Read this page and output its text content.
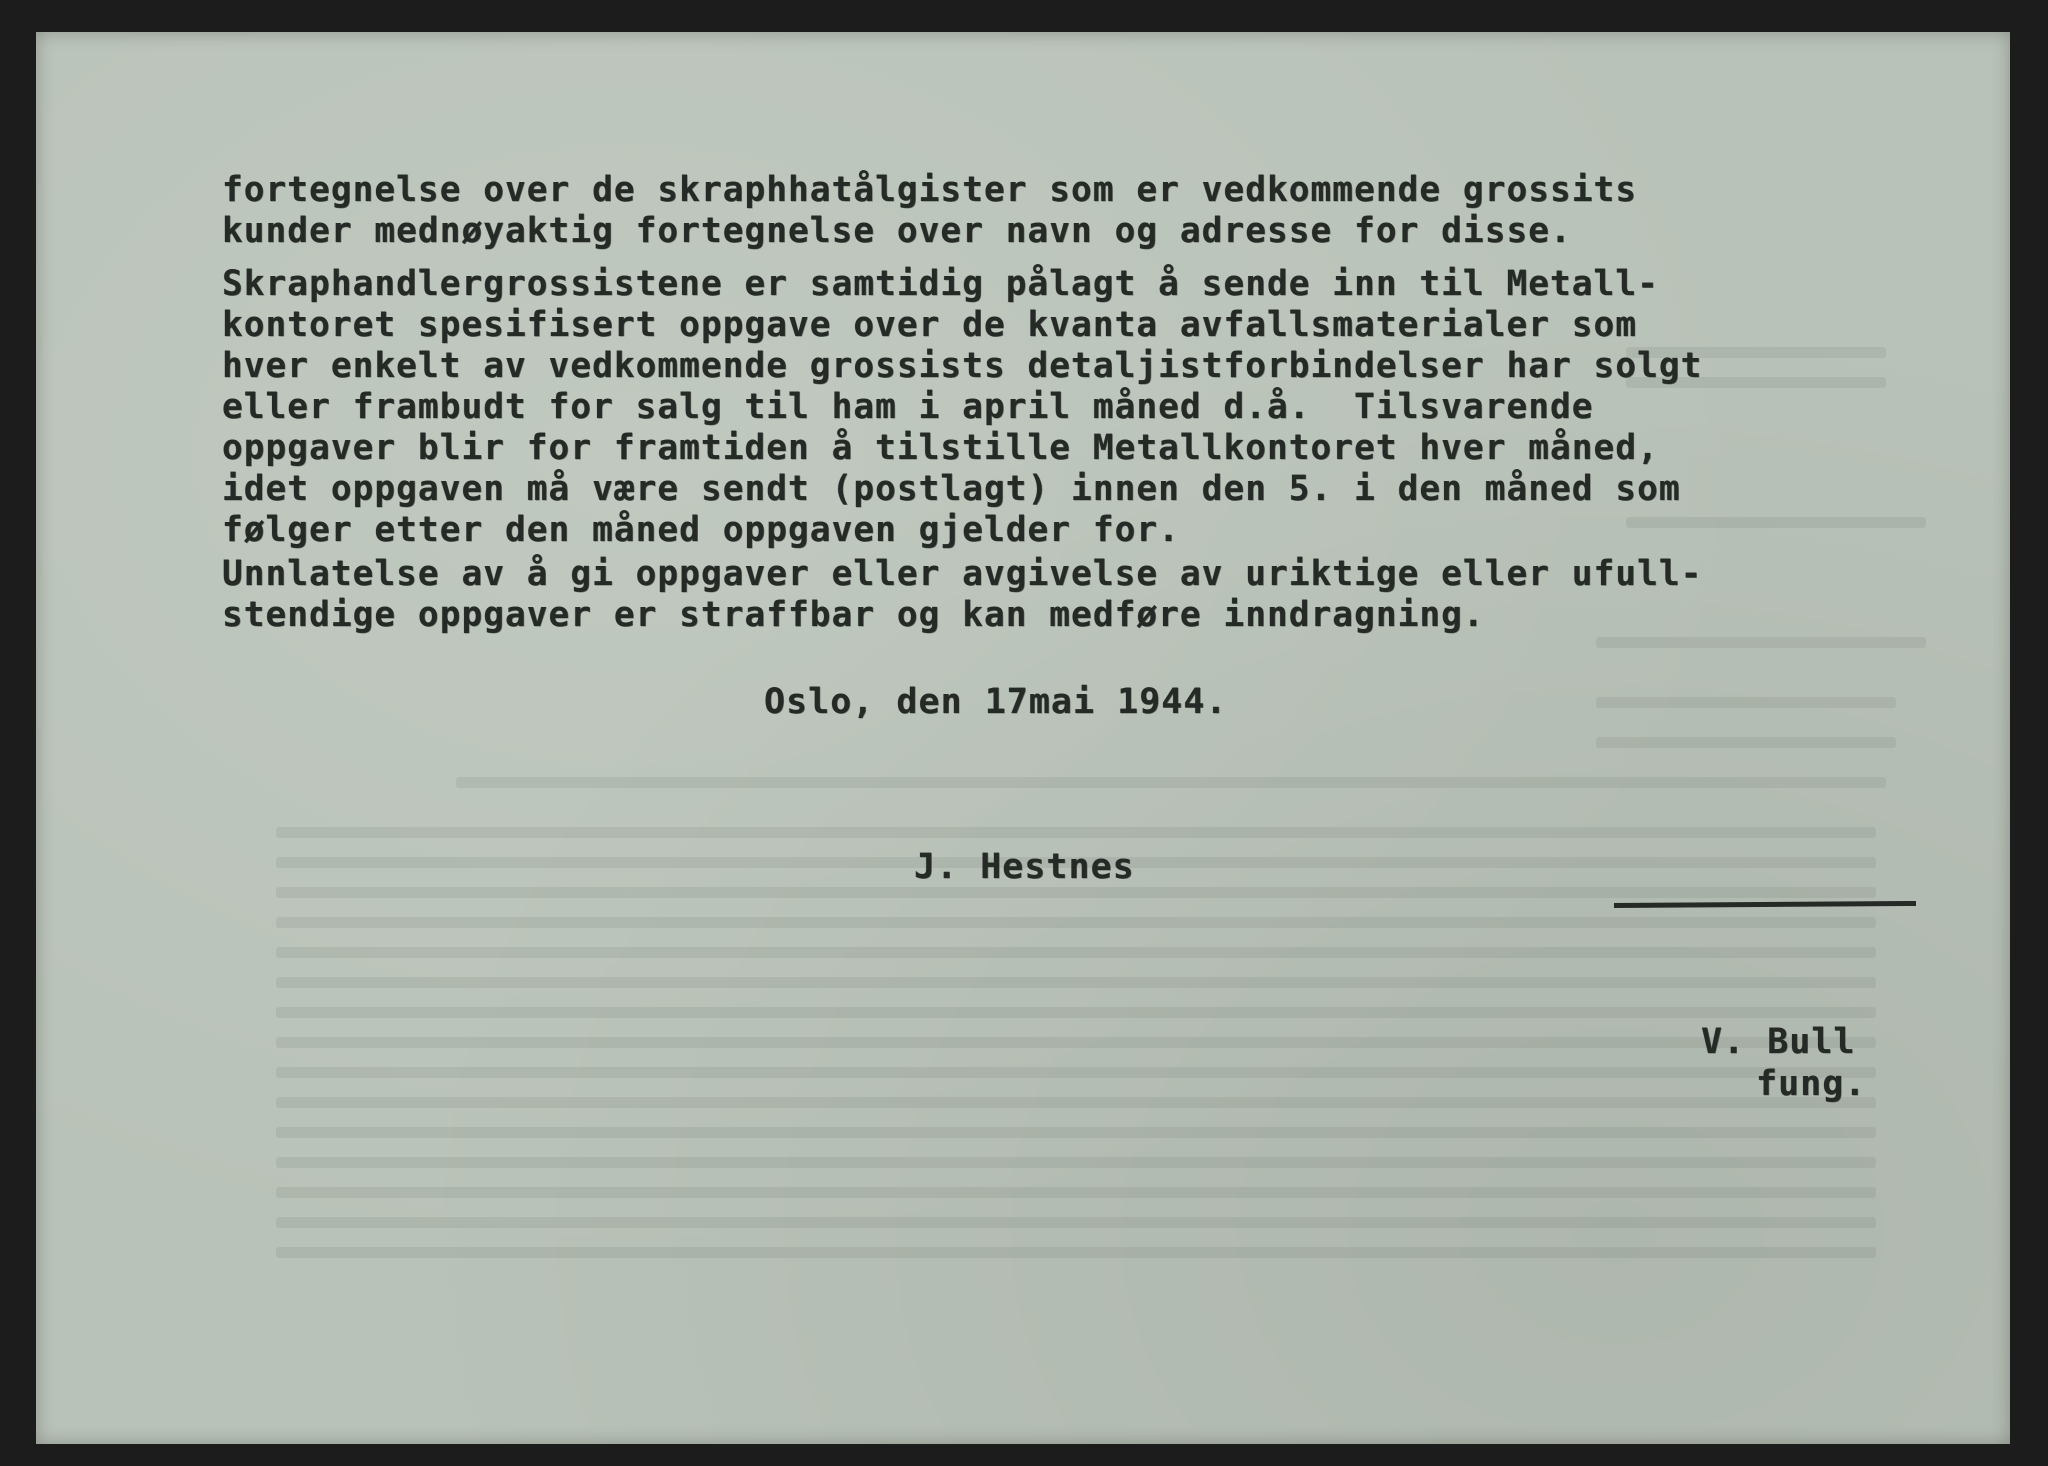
fortegnelse over de skraphhatålgister som er vedkommende grossits
kunder mednøyaktig fortegnelse over navn og adresse for disse.
Skraphandlergrossistene er samtidig pålagt å sende inn til Metall-
kontoret spesifisert oppgave over de kvanta avfallsmaterialer som
hver enkelt av vedkommende grossists detaljistforbindelser har solgt
eller frambudt for salg til ham i april måned d.å.  Tilsvarende
oppgaver blir for framtiden å tilstille Metallkontoret hver måned,
idet oppgaven må være sendt (postlagt) innen den 5. i den måned som
følger etter den måned oppgaven gjelder for.
Unnlatelse av å gi oppgaver eller avgivelse av uriktige eller ufull-
stendige oppgaver er straffbar og kan medføre inndragning.
Oslo, den 17mai 1944.
J. Hestnes
V. Bull
fung.
